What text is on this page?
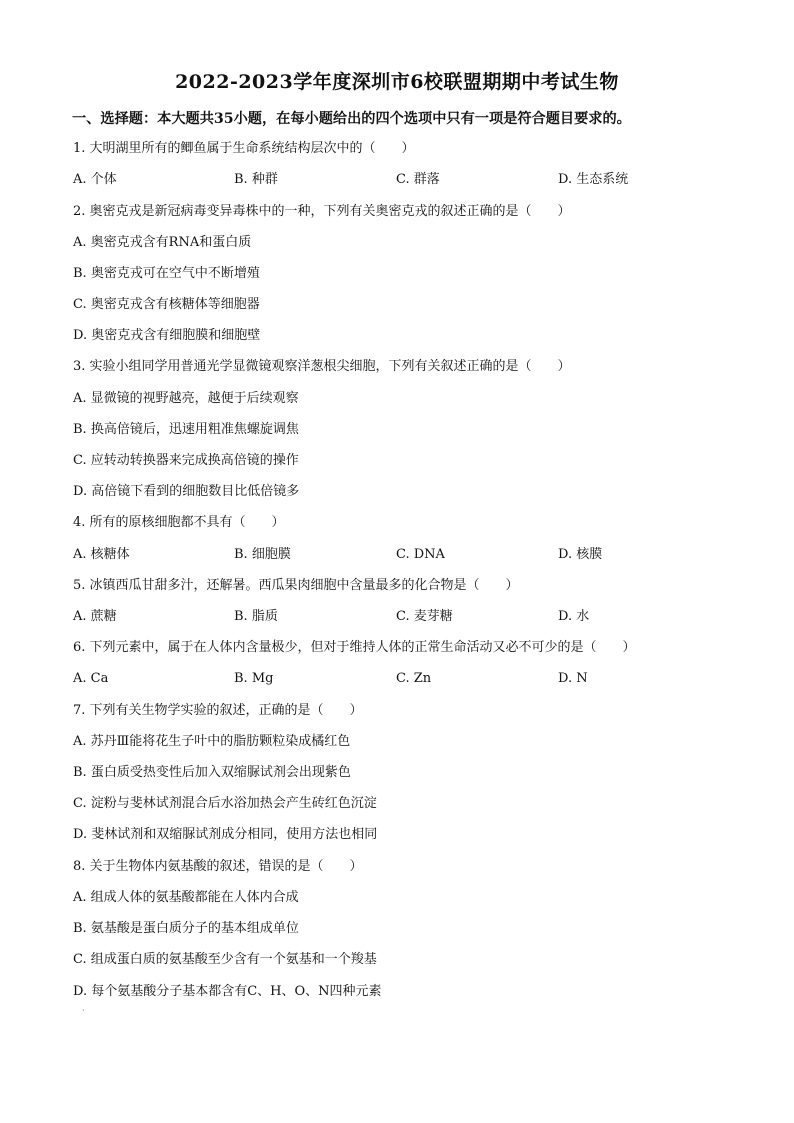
2022-2023学年度深圳市6校联盟期期中考试生物
一、选择题：本大题共35小题，在每小题给出的四个选项中只有一项是符合题目要求的。
1. 大明湖里所有的鲫鱼属于生命系统结构层次中的（　　）
A. 个体	B. 种群	C. 群落	D. 生态系统
2. 奥密克戎是新冠病毒变异毒株中的一种，下列有关奥密克戎的叙述正确的是（　　）
A. 奥密克戎含有RNA和蛋白质
B. 奥密克戎可在空气中不断增殖
C. 奥密克戎含有核糖体等细胞器
D. 奥密克戎含有细胞膜和细胞壁
3. 实验小组同学用普通光学显微镜观察洋葱根尖细胞，下列有关叙述正确的是（　　）
A. 显微镜的视野越亮，越便于后续观察
B. 换高倍镜后，迅速用粗准焦螺旋调焦
C. 应转动转换器来完成换高倍镜的操作
D. 高倍镜下看到的细胞数目比低倍镜多
4. 所有的原核细胞都不具有（　　）
A. 核糖体	B. 细胞膜	C. DNA	D. 核膜
5. 冰镇西瓜甘甜多汁，还解暑。西瓜果肉细胞中含量最多的化合物是（　　）
A. 蔗糖	B. 脂质	C. 麦芽糖	D. 水
6. 下列元素中，属于在人体内含量极少，但对于维持人体的正常生命活动又必不可少的是（　　）
A. Ca	B. Mg	C. Zn	D. N
7. 下列有关生物学实验的叙述，正确的是（　　）
A. 苏丹Ⅲ能将花生子叶中的脂肪颗粒染成橘红色
B. 蛋白质受热变性后加入双缩脲试剂会出现紫色
C. 淀粉与斐林试剂混合后水浴加热会产生砖红色沉淀
D. 斐林试剂和双缩脲试剂成分相同，使用方法也相同
8. 关于生物体内氨基酸的叙述，错误的是（　　）
A. 组成人体的氨基酸都能在人体内合成
B. 氨基酸是蛋白质分子的基本组成单位
C. 组成蛋白质的氨基酸至少含有一个氨基和一个羧基
D. 每个氨基酸分子基本都含有C、H、O、N四种元素
·
